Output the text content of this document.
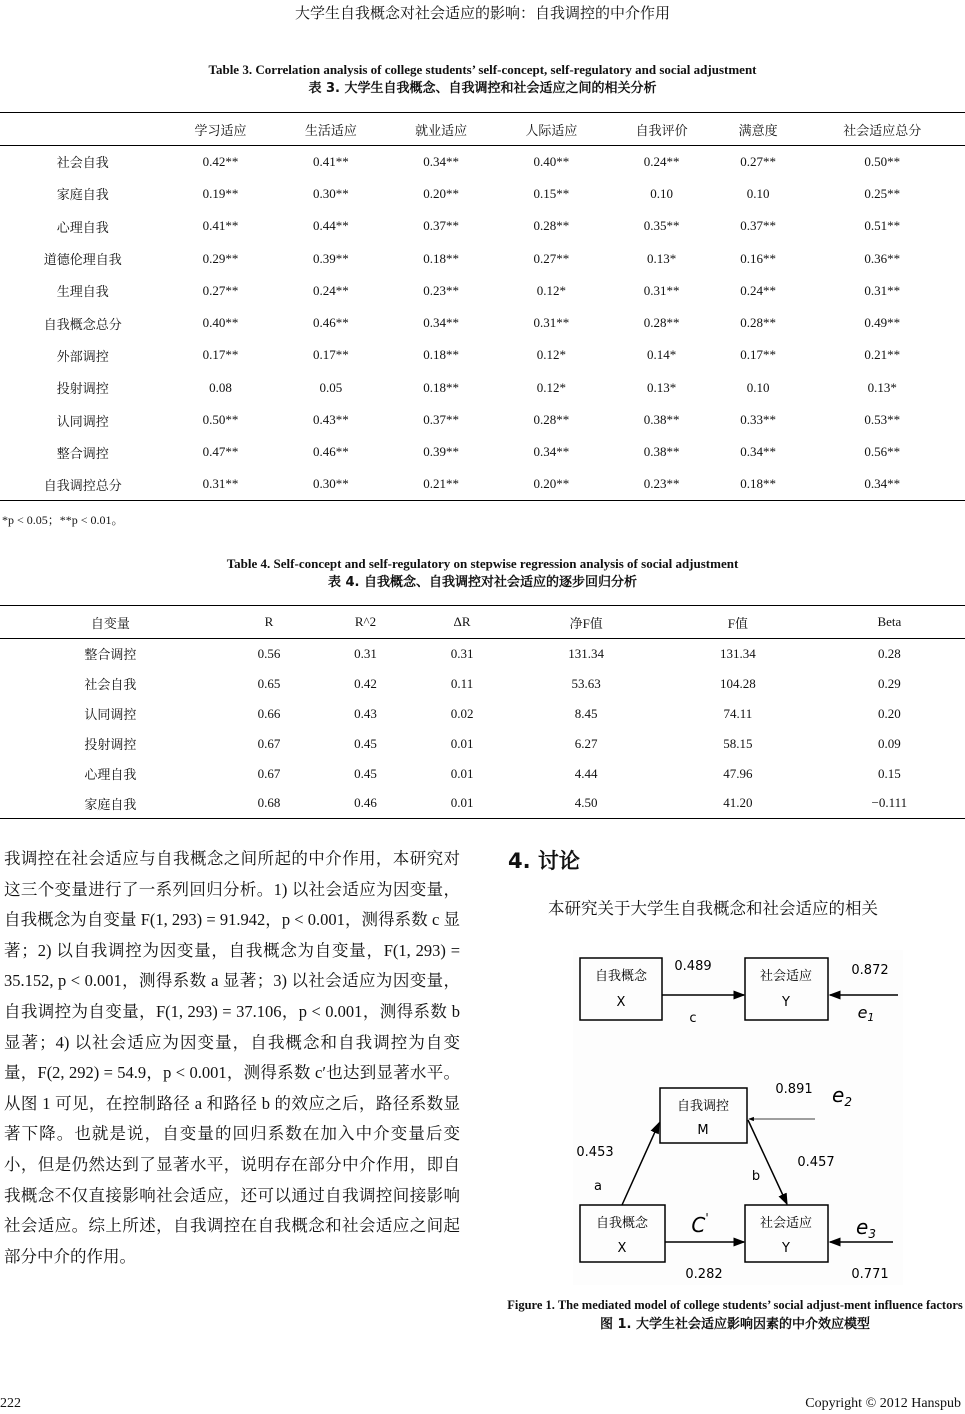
大学生自我概念对社会适应的影响：自我调控的中介作用
Table 3. Correlation analysis of college students’ self-concept, self-regulatory and social adjustment
表 3. 大学生自我概念、自我调控和社会适应之间的相关分析
	学习适应	生活适应	就业适应	人际适应	自我评价	满意度	社会适应总分
社会自我	0.42**	0.41**	0.34**	0.40**	0.24**	0.27**	0.50**
家庭自我	0.19**	0.30**	0.20**	0.15**	0.10	0.10	0.25**
心理自我	0.41**	0.44**	0.37**	0.28**	0.35**	0.37**	0.51**
道德伦理自我	0.29**	0.39**	0.18**	0.27**	0.13*	0.16**	0.36**
生理自我	0.27**	0.24**	0.23**	0.12*	0.31**	0.24**	0.31**
自我概念总分	0.40**	0.46**	0.34**	0.31**	0.28**	0.28**	0.49**
外部调控	0.17**	0.17**	0.18**	0.12*	0.14*	0.17**	0.21**
投射调控	0.08	0.05	0.18**	0.12*	0.13*	0.10	0.13*
认同调控	0.50**	0.43**	0.37**	0.28**	0.38**	0.33**	0.53**
整合调控	0.47**	0.46**	0.39**	0.34**	0.38**	0.34**	0.56**
自我调控总分	0.31**	0.30**	0.21**	0.20**	0.23**	0.18**	0.34**
*p < 0.05；**p < 0.01。
Table 4. Self-concept and self-regulatory on stepwise regression analysis of social adjustment
表 4. 自我概念、自我调控对社会适应的逐步回归分析
自变量	R	R^2	ΔR	净F值	F值	Beta
整合调控	0.56	0.31	0.31	131.34	131.34	0.28
社会自我	0.65	0.42	0.11	53.63	104.28	0.29
认同调控	0.66	0.43	0.02	8.45	74.11	0.20
投射调控	0.67	0.45	0.01	6.27	58.15	0.09
心理自我	0.67	0.45	0.01	4.44	47.96	0.15
家庭自我	0.68	0.46	0.01	4.50	41.20	−0.111
我调控在社会适应与自我概念之间所起的中介作用，本研究对这三个变量进行了一系列回归分析。1) 以社会适应为因变量，自我概念为自变量 F(1, 293) = 91.942，p < 0.001，测得系数 c 显著；2) 以自我调控为因变量，自我概念为自变量，F(1, 293) = 35.152, p < 0.001，测得系数 a 显著；3) 以社会适应为因变量，自我调控为自变量，F(1, 293) = 37.106，p < 0.001，测得系数 b 显著；4) 以社会适应为因变量，自我概念和自我调控为自变量，F(2, 292) = 54.9，p < 0.001，测得系数 c′也达到显著水平。从图 1 可见，在控制路径 a 和路径 b 的效应之后，路径系数显著下降。也就是说，自变量的回归系数在加入中介变量后变小，但是仍然达到了显著水平，说明存在部分中介作用，即自我概念不仅直接影响社会适应，还可以通过自我调控间接影响社会适应。综上所述，自我调控在自我概念和社会适应之间起部分中介的作用。
4. 讨论
本研究关于大学生自我概念和社会适应的相关
自我概念
X
社会适应
Y
0.489
c
0.872
e1
自我调控
M
自我概念
X
社会适应
Y
0.453
a
b
0.457
0.891 $e_2$
C'
0.282
$e_3$
0.771
Figure 1. The mediated model of college students’ social adjust-ment influence factors
图 1. 大学生社会适应影响因素的中介效应模型
222	Copyright © 2012 Hanspub
